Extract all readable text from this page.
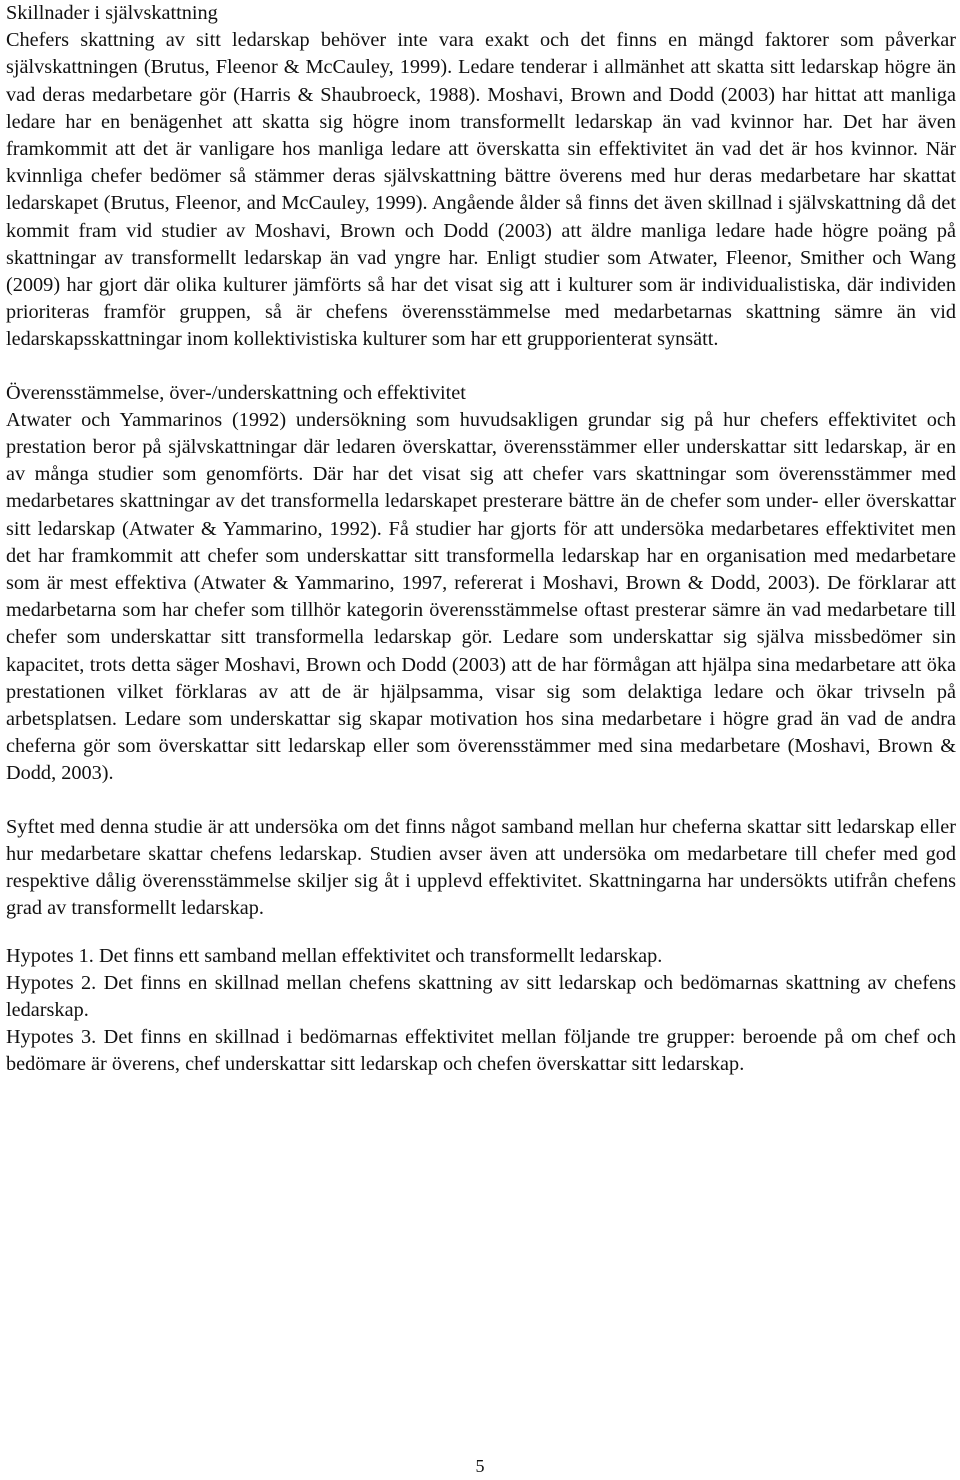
Skillnader i självskattning

Chefers skattning av sitt ledarskap behöver inte vara exakt och det finns en mängd faktorer som påverkar självskattningen (Brutus, Fleenor & McCauley, 1999). Ledare tenderar i allmänhet att skatta sitt ledarskap högre än vad deras medarbetare gör (Harris & Shaubroeck, 1988). Moshavi, Brown and Dodd (2003) har hittat att manliga ledare har en benägenhet att skatta sig högre inom transformellt ledarskap än vad kvinnor har. Det har även framkommit att det är vanligare hos manliga ledare att överskatta sin effektivitet än vad det är hos kvinnor. När kvinnliga chefer bedömer så stämmer deras självskattning bättre överens med hur deras medarbetare har skattat ledarskapet (Brutus, Fleenor, and McCauley, 1999). Angående ålder så finns det även skillnad i självskattning då det kommit fram vid studier av Moshavi, Brown och Dodd (2003) att äldre manliga ledare hade högre poäng på skattningar av transformellt ledarskap än vad yngre har. Enligt studier som Atwater, Fleenor, Smither och Wang (2009) har gjort där olika kulturer jämförts så har det visat sig att i kulturer som är individualistiska, där individen prioriteras framför gruppen, så är chefens överensstämmelse med medarbetarnas skattning sämre än vid ledarskapsskattningar inom kollektivistiska kulturer som har ett grupporienterat synsätt.

Överensstämmelse, över-/underskattning och effektivitet

Atwater och Yammarinos (1992) undersökning som huvudsakligen grundar sig på hur chefers effektivitet och prestation beror på självskattningar där ledaren överskattar, överensstämmer eller underskattar sitt ledarskap, är en av många studier som genomförts. Där har det visat sig att chefer vars skattningar som överensstämmer med medarbetares skattningar av det transformella ledarskapet presterare bättre än de chefer som under- eller överskattar sitt ledarskap (Atwater & Yammarino, 1992). Få studier har gjorts för att undersöka medarbetares effektivitet men det har framkommit att chefer som underskattar sitt transformella ledarskap har en organisation med medarbetare som är mest effektiva (Atwater & Yammarino, 1997, refererat i Moshavi, Brown & Dodd, 2003). De förklarar att medarbetarna som har chefer som tillhör kategorin överensstämmelse oftast presterar sämre än vad medarbetare till chefer som underskattar sitt transformella ledarskap gör. Ledare som underskattar sig själva missbedömer sin kapacitet, trots detta säger Moshavi, Brown och Dodd (2003) att de har förmågan att hjälpa sina medarbetare att öka prestationen vilket förklaras av att de är hjälpsamma, visar sig som delaktiga ledare och ökar trivseln på arbetsplatsen. Ledare som underskattar sig skapar motivation hos sina medarbetare i högre grad än vad de andra cheferna gör som överskattar sitt ledarskap eller som överensstämmer med sina medarbetare (Moshavi, Brown & Dodd, 2003).

Syftet med denna studie är att undersöka om det finns något samband mellan hur cheferna skattar sitt ledarskap eller hur medarbetare skattar chefens ledarskap. Studien avser även att undersöka om medarbetare till chefer med god respektive dålig överensstämmelse skiljer sig åt i upplevd effektivitet. Skattningarna har undersökts utifrån chefens grad av transformellt ledarskap.

Hypotes 1. Det finns ett samband mellan effektivitet och transformellt ledarskap.

Hypotes 2. Det finns en skillnad mellan chefens skattning av sitt ledarskap och bedömarnas skattning av chefens ledarskap.

Hypotes 3. Det finns en skillnad i bedömarnas effektivitet mellan följande tre grupper: beroende på om chef och bedömare är överens, chef underskattar sitt ledarskap och chefen överskattar sitt ledarskap.

5
